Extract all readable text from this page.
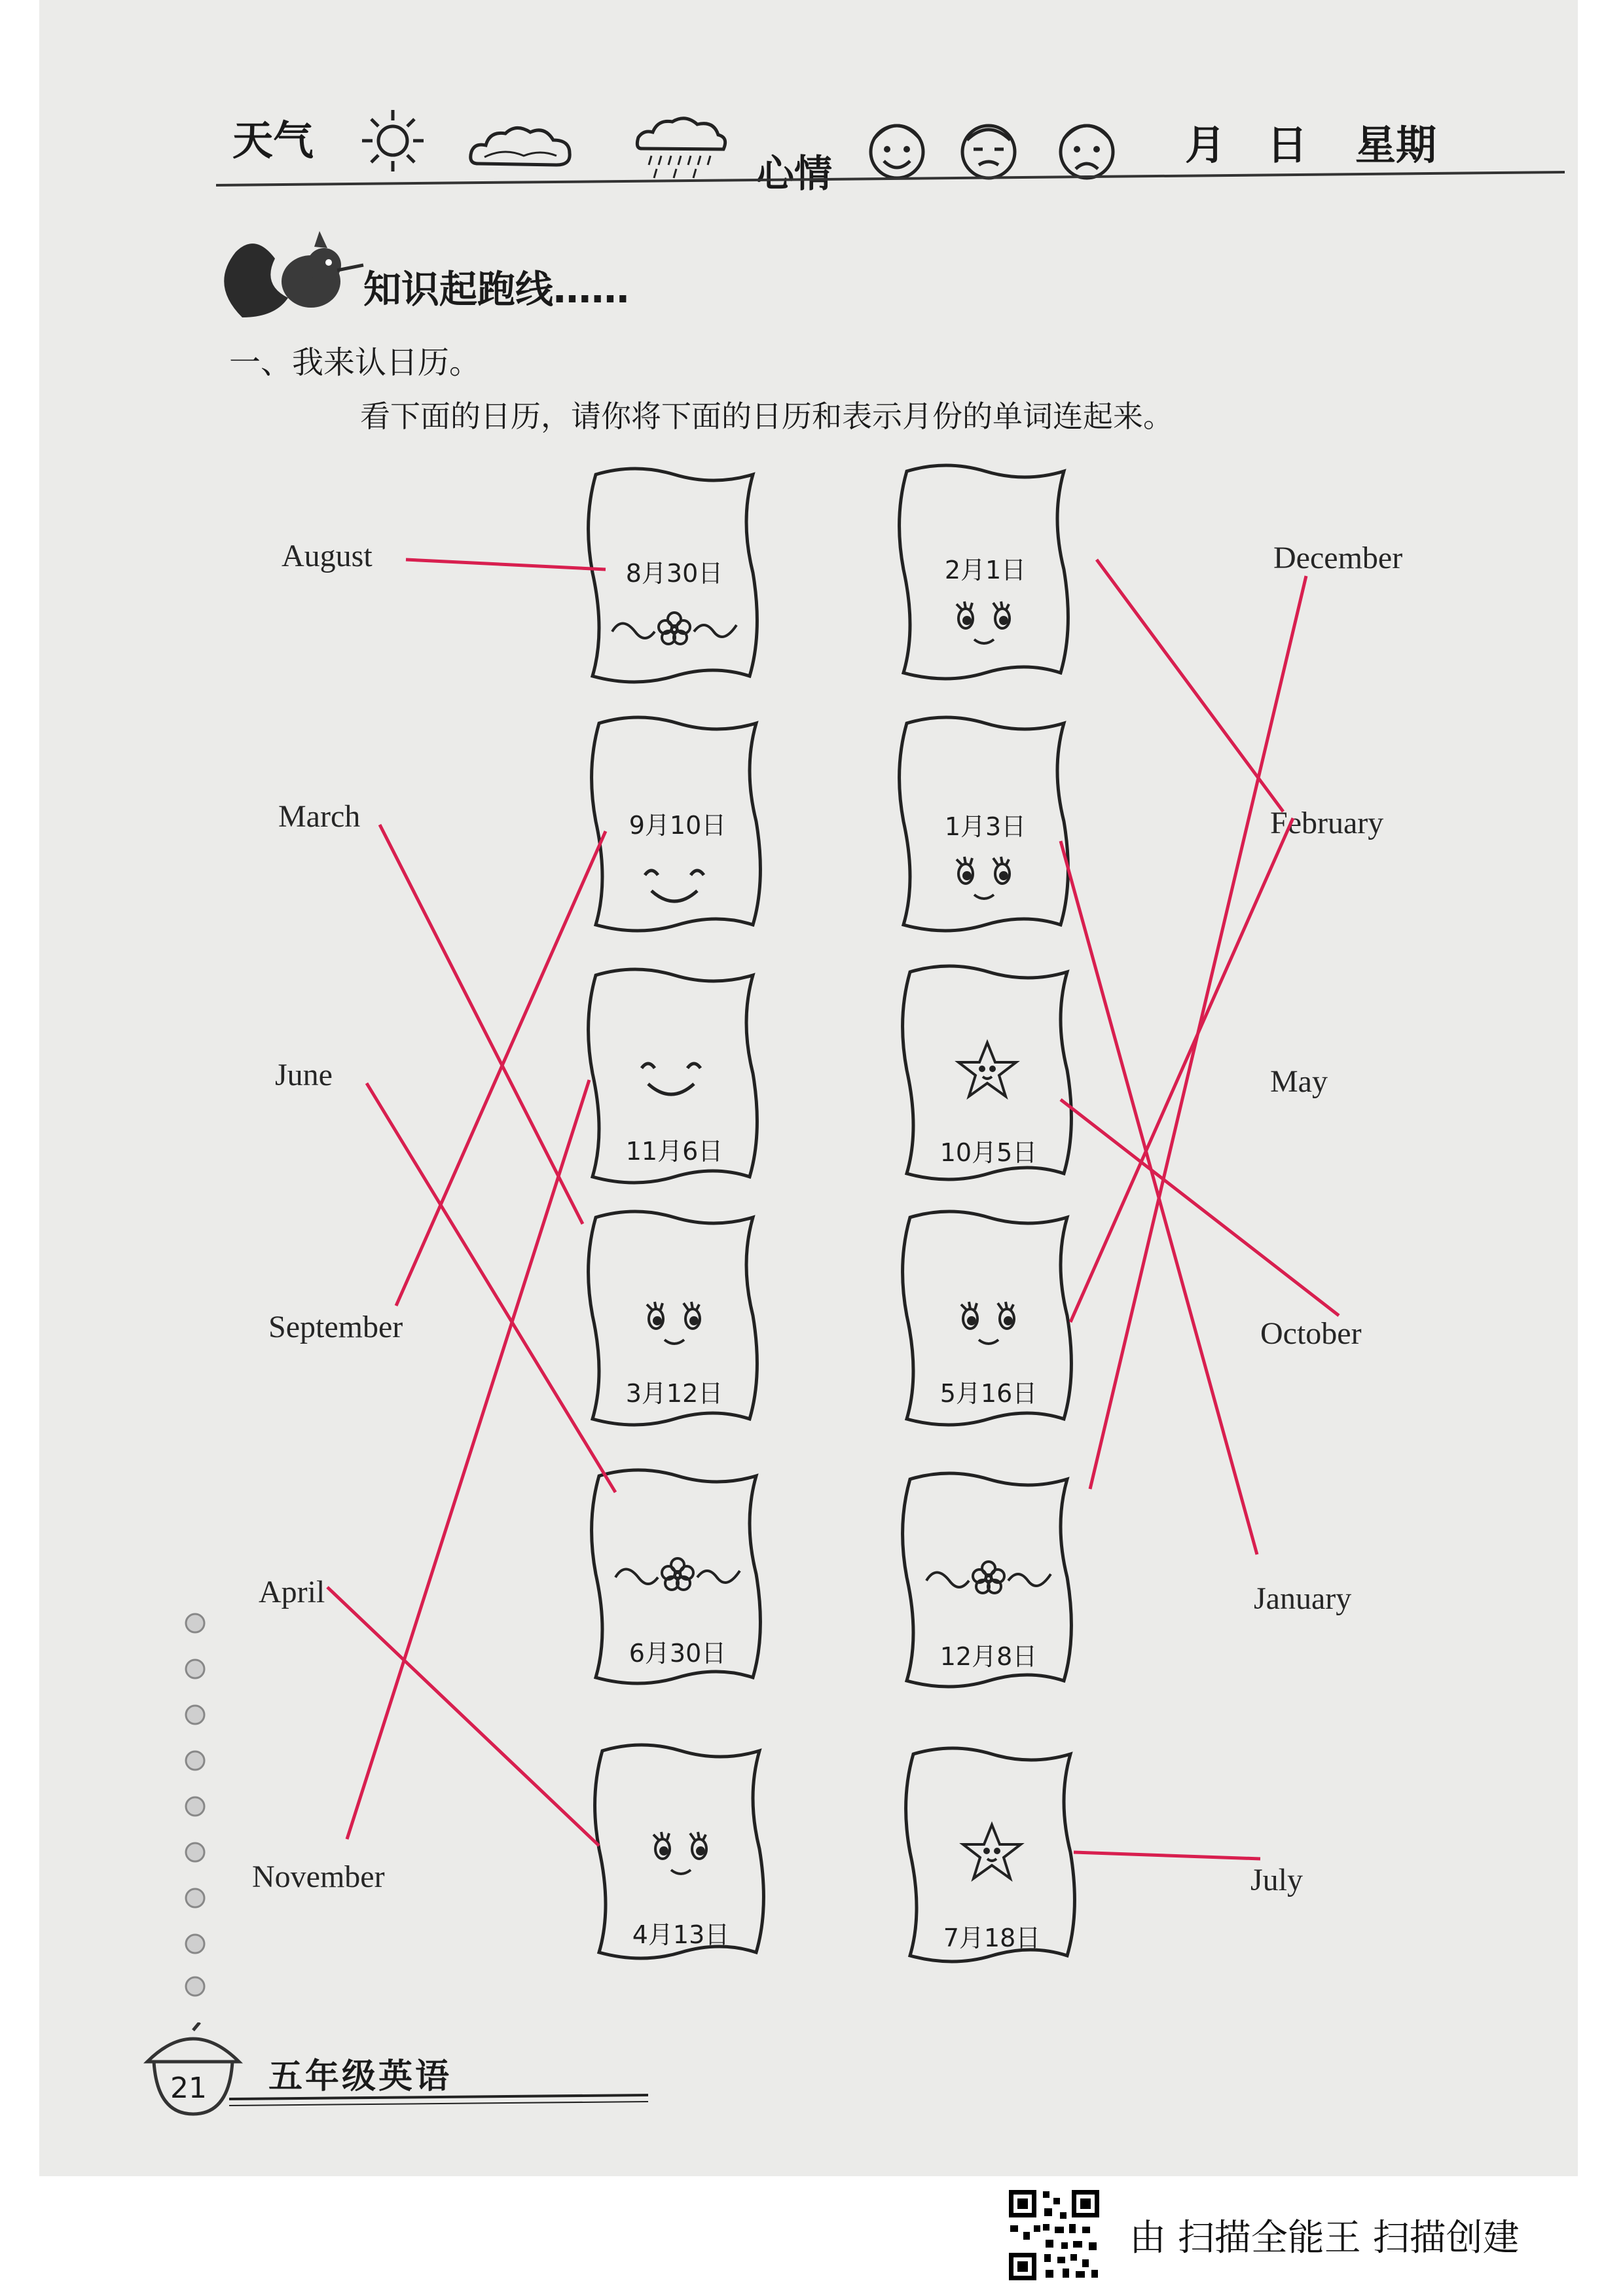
天气
心情
月 日 星期
知识起跑线……
一、我来认日历。
看下面的日历，请你将下面的日历和表示月份的单词连起来。
August
March
June
September
April
November
December
February
May
October
January
July
8月30日	2月1日
9月10日	1月3日
11月6日	10月5日
3月12日	5月16日
6月30日	12月8日
4月13日	7月18日
21 五年级英语
由 扫描全能王 扫描创建
